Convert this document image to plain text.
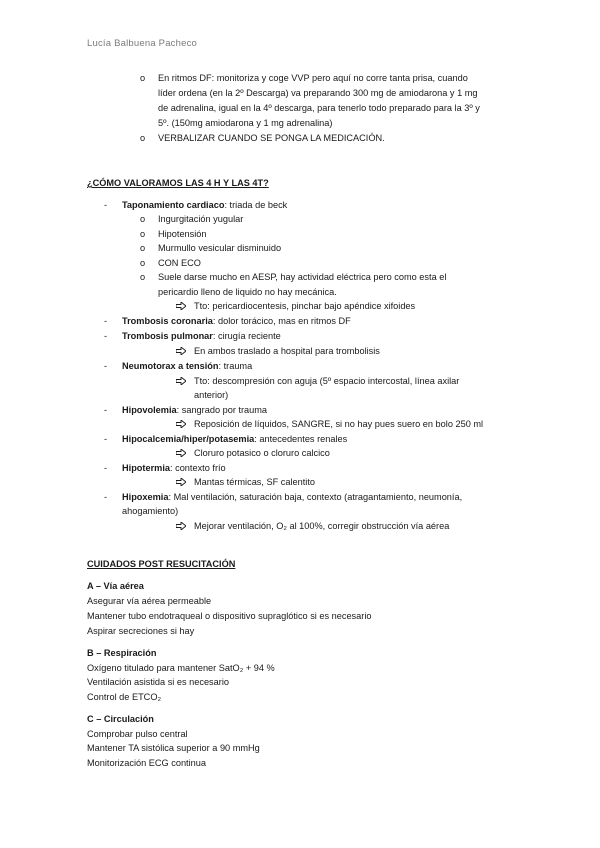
Lucía Balbuena Pacheco
o En ritmos DF: monitoriza y coge VVP pero aquí no corre tanta prisa, cuando
líder ordena (en la 2º Descarga) va preparando 300 mg de amiodarona y 1 mg
de adrenalina, igual en la 4º descarga, para tenerlo todo preparado para la 3º y
5º. (150mg amiodarona y 1 mg adrenalina)
o VERBALIZAR CUANDO SE PONGA LA MEDICACIÓN.
¿CÓMO VALORAMOS LAS 4 H Y LAS 4T?
- Taponamiento cardiaco: triada de beck
o Ingurgitación yugular
o Hipotensión
o Murmullo vesicular disminuido
o CON ECO
o Suele darse mucho en AESP, hay actividad eléctrica pero como esta el
pericardio lleno de liquido no hay mecánica.
Tto: pericardiocentesis, pinchar bajo apéndice xifoides
- Trombosis coronaria: dolor torácico, mas en ritmos DF
- Trombosis pulmonar: cirugía reciente
En ambos traslado a hospital para trombolisis
- Neumotorax a tensión: trauma
Tto: descompresión con aguja (5º espacio intercostal, línea axilar
anterior)
- Hipovolemia: sangrado por trauma
Reposición de líquidos, SANGRE, si no hay pues suero en bolo 250 ml
- Hipocalcemia/hiper/potasemia: antecedentes renales
Cloruro potasico o cloruro calcico
- Hipotermia: contexto frío
Mantas térmicas, SF calentito
- Hipoxemia: Mal ventilación, saturación baja, contexto (atragantamiento, neumonía,
ahogamiento)
Mejorar ventilación, O₂ al 100%, corregir obstrucción vía aérea
CUIDADOS POST RESUCITACIÓN
A – Vía aérea
Asegurar vía aérea permeable
Mantener tubo endotraqueal o dispositivo supraglótico si es necesario
Aspirar secreciones si hay
B – Respiración
Oxígeno titulado para mantener SatO₂ + 94 %
Ventilación asistida si es necesario
Control de ETCO₂
C – Circulación
Comprobar pulso central
Mantener TA sistólica superior a 90 mmHg
Monitorización ECG continua
